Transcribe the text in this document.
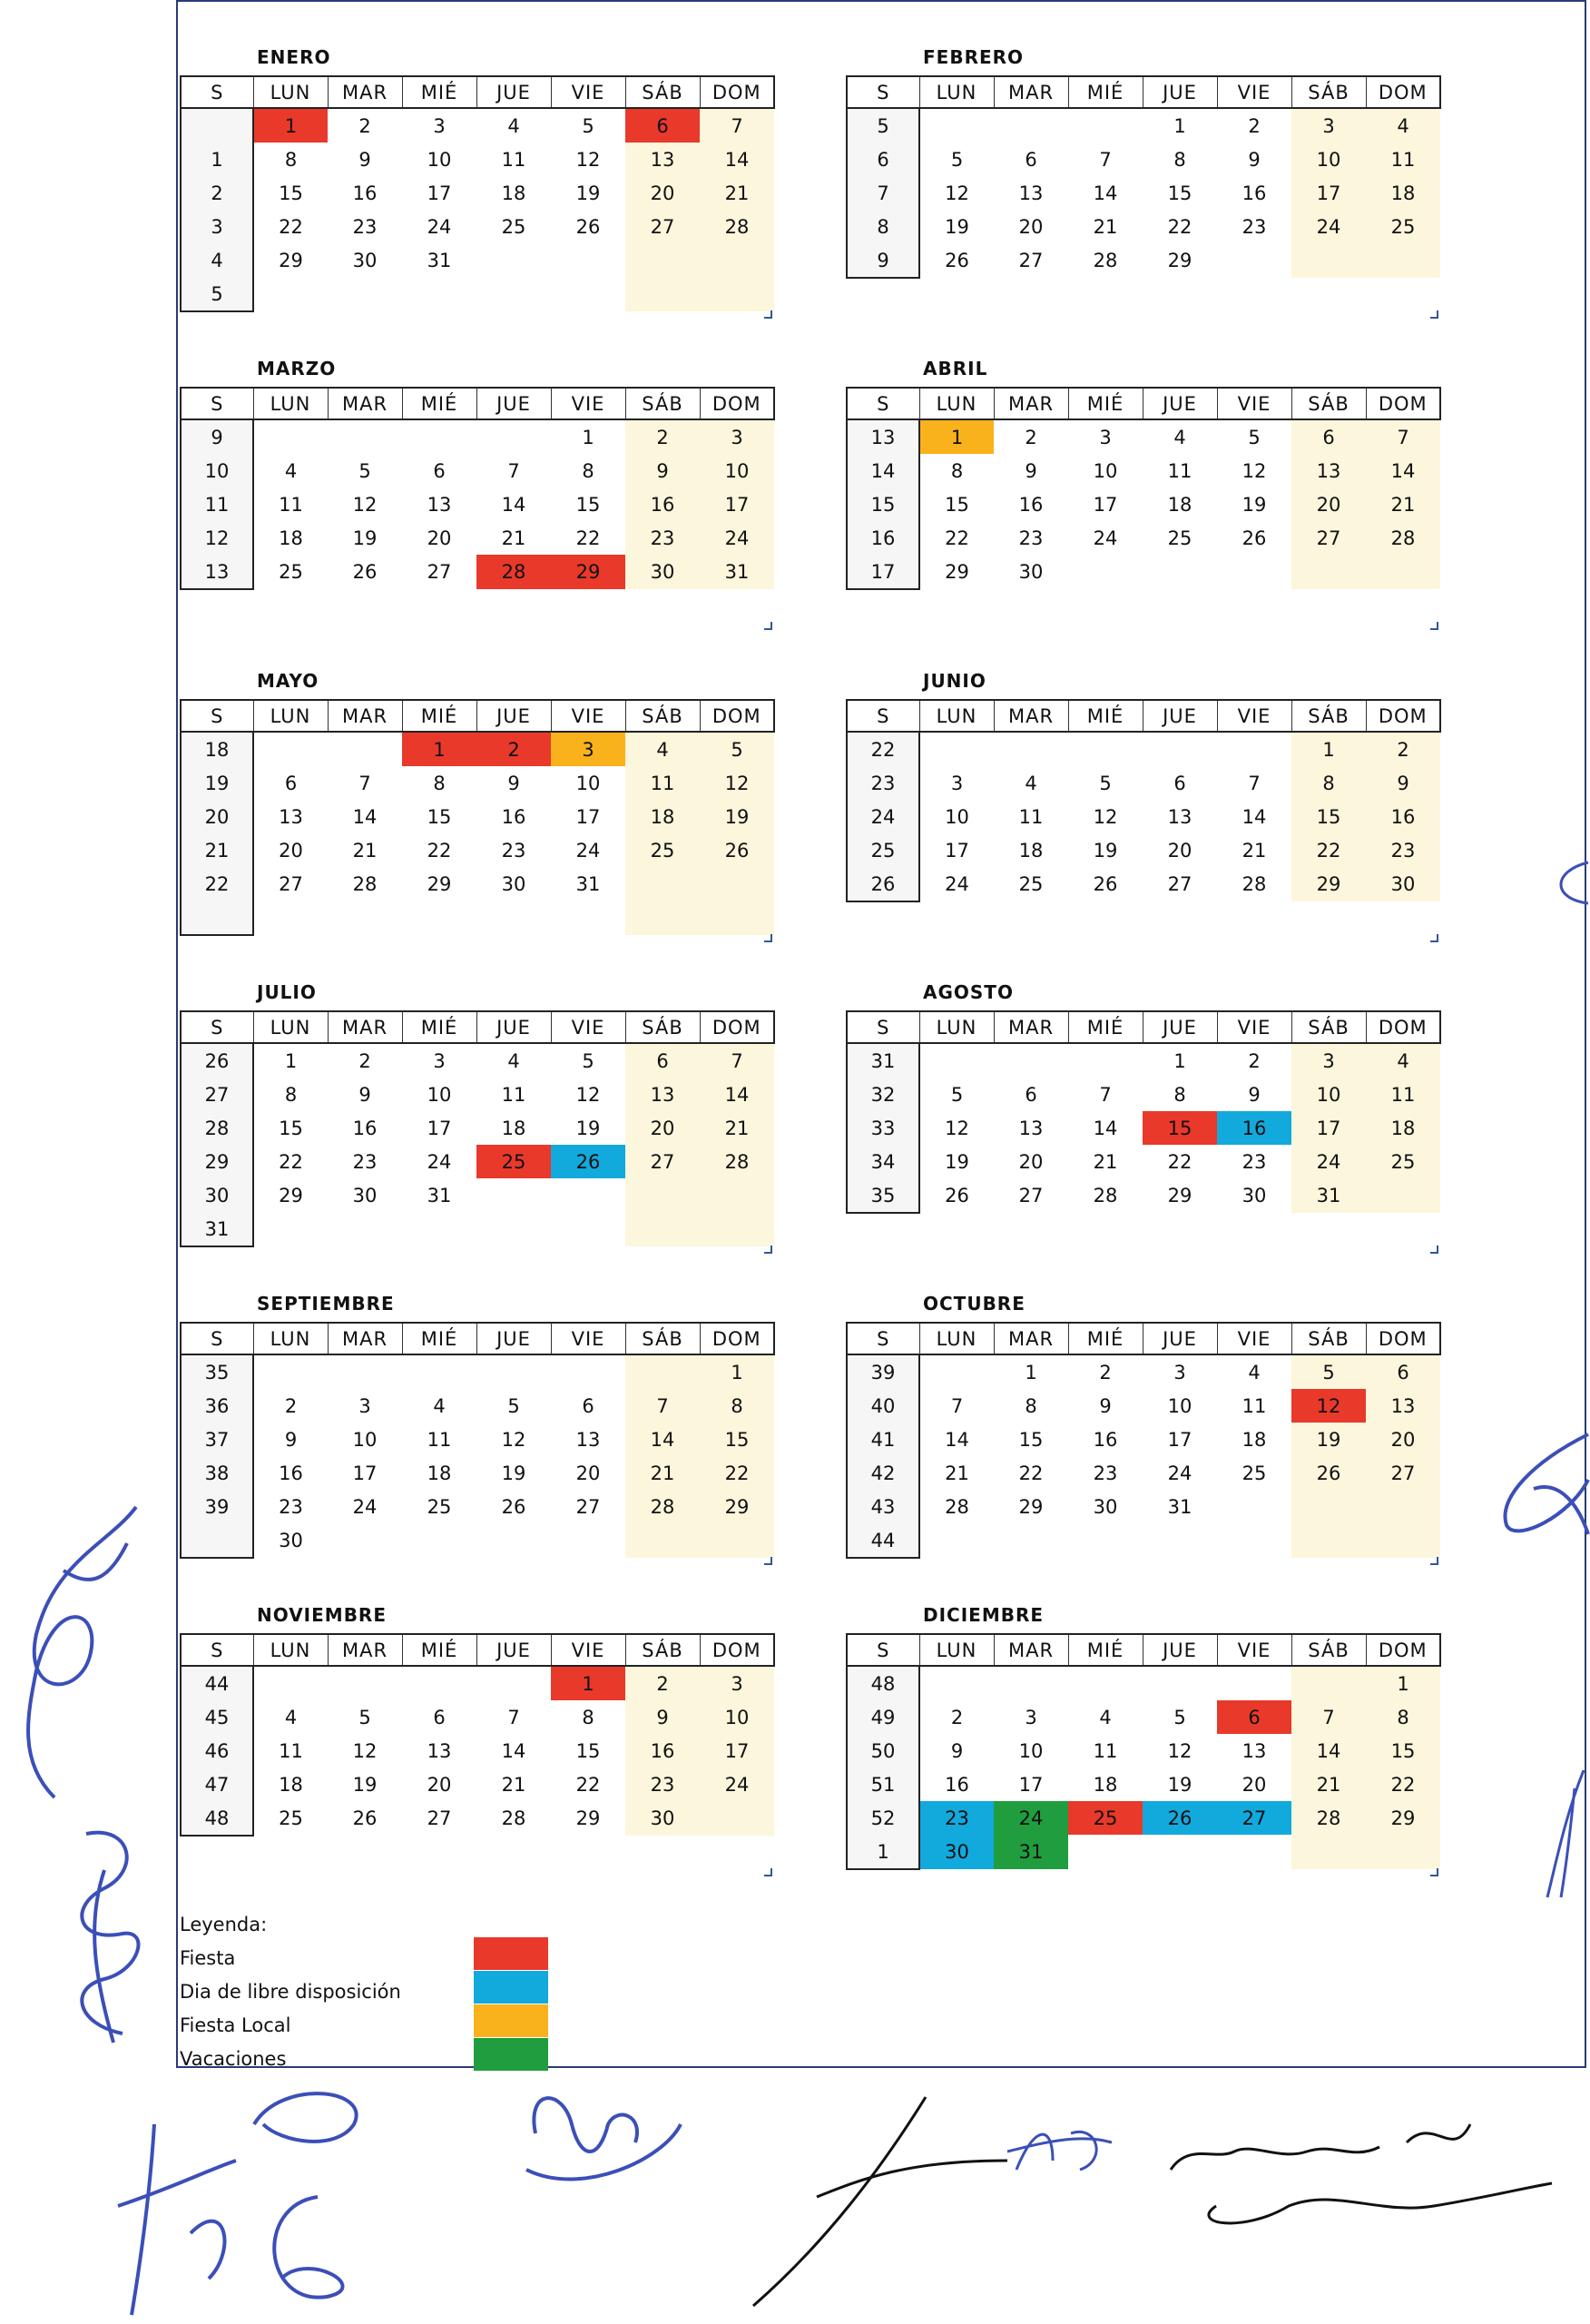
ENERO
S	LUN	MAR	MIÉ	JUE	VIE	SÁB	DOM
	1	2	3	4	5	6	7
1	8	9	10	11	12	13	14
2	15	16	17	18	19	20	21
3	22	23	24	25	26	27	28
4	29	30	31				
5							
FEBRERO
S	LUN	MAR	MIÉ	JUE	VIE	SÁB	DOM
5				1	2	3	4
6	5	6	7	8	9	10	11
7	12	13	14	15	16	17	18
8	19	20	21	22	23	24	25
9	26	27	28	29			
MARZO
S	LUN	MAR	MIÉ	JUE	VIE	SÁB	DOM
9					1	2	3
10	4	5	6	7	8	9	10
11	11	12	13	14	15	16	17
12	18	19	20	21	22	23	24
13	25	26	27	28	29	30	31
ABRIL
S	LUN	MAR	MIÉ	JUE	VIE	SÁB	DOM
13	1	2	3	4	5	6	7
14	8	9	10	11	12	13	14
15	15	16	17	18	19	20	21
16	22	23	24	25	26	27	28
17	29	30					
MAYO
S	LUN	MAR	MIÉ	JUE	VIE	SÁB	DOM
18			1	2	3	4	5
19	6	7	8	9	10	11	12
20	13	14	15	16	17	18	19
21	20	21	22	23	24	25	26
22	27	28	29	30	31		

JUNIO
S	LUN	MAR	MIÉ	JUE	VIE	SÁB	DOM
22						1	2
23	3	4	5	6	7	8	9
24	10	11	12	13	14	15	16
25	17	18	19	20	21	22	23
26	24	25	26	27	28	29	30
JULIO
S	LUN	MAR	MIÉ	JUE	VIE	SÁB	DOM
26	1	2	3	4	5	6	7
27	8	9	10	11	12	13	14
28	15	16	17	18	19	20	21
29	22	23	24	25	26	27	28
30	29	30	31				
31							
AGOSTO
S	LUN	MAR	MIÉ	JUE	VIE	SÁB	DOM
31				1	2	3	4
32	5	6	7	8	9	10	11
33	12	13	14	15	16	17	18
34	19	20	21	22	23	24	25
35	26	27	28	29	30	31	
SEPTIEMBRE
S	LUN	MAR	MIÉ	JUE	VIE	SÁB	DOM
35							1
36	2	3	4	5	6	7	8
37	9	10	11	12	13	14	15
38	16	17	18	19	20	21	22
39	23	24	25	26	27	28	29
	30						
OCTUBRE
S	LUN	MAR	MIÉ	JUE	VIE	SÁB	DOM
39		1	2	3	4	5	6
40	7	8	9	10	11	12	13
41	14	15	16	17	18	19	20
42	21	22	23	24	25	26	27
43	28	29	30	31			
44							
NOVIEMBRE
S	LUN	MAR	MIÉ	JUE	VIE	SÁB	DOM
44					1	2	3
45	4	5	6	7	8	9	10
46	11	12	13	14	15	16	17
47	18	19	20	21	22	23	24
48	25	26	27	28	29	30	
DICIEMBRE
S	LUN	MAR	MIÉ	JUE	VIE	SÁB	DOM
48							1
49	2	3	4	5	6	7	8
50	9	10	11	12	13	14	15
51	16	17	18	19	20	21	22
52	23	24	25	26	27	28	29
1	30	31					
Leyenda:
Fiesta
Dia de libre disposición
Fiesta Local
Vacaciones
